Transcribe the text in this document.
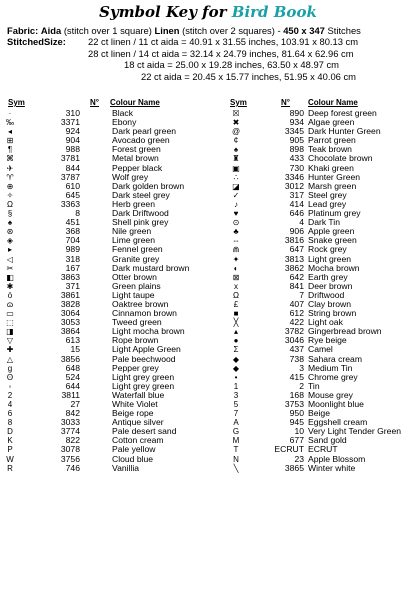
Symbol Key for Bird Book
Fabric: Aida (stitch over 1 square) Linen (stitch over 2 squares) - 450 x 347 Stitches
StitchedSize: 22 ct linen / 11 ct aida = 40.91 x 31.55 inches, 103.91 x 80.13 cm
28 ct linen / 14 ct aida = 32.14 x 24.79 inches, 81.64 x 62.96 cm
18 ct aida = 25.00 x 19.28 inches, 63.50 x 48.97 cm
22 ct aida = 20.45 x 15.77 inches, 51.95 x 40.06 cm
Sym	N° Colour Name	Sym	N° Colour Name
·	310	Black
‰	3371	Ebony
◂	924	Dark pearl green
⊞	904	Avocado green
¶	988	Forest green
⌘	3781	Metal brown
✈	844	Pepper black
♈	3787	Wolf grey
⊕	610	Dark golden brown
✧	645	Dark steel grey
Ω	3363	Herb green
§	8	Dark Driftwood
♠	451	Shell pink grey
⊛	368	Nile green
◈	704	Lime green
▸	989	Fennel green
◁	318	Granite grey
✂	167	Dark mustard brown
◧	3863	Otter brown
✱	371	Green plains
ö	3861	Light taupe
ɷ	3828	Oaktree brown
▭	3064	Cinnamon brown
⬚	3053	Tweed green
◨	3864	Light mocha brown
▽	613	Rope brown
✚	15	Light Apple Green
△	3856	Pale beechwood
g	648	Pepper grey
ʘ	524	Light grey green
◦	644	Light grey green
2	3811	Waterfall blue
4	27	White Violet
6	842	Beige rope
8	3033	Antique silver
D	3774	Pale desert sand
K	822	Cotton cream
P	3078	Pale yellow
W	3756	Cloud blue
R	746	Vanillia
☒	890 Deep forest green
✖	934 Algae green
@	3345 Dark Hunter Green
¢	905 Parrot green
♠	898 Teak brown
♜	433 Chocolate brown
▣	730 Khaki green
∴	3346 Hunter Green
◪	3012 Marsh green
✓	317 Steel grey
♪	414 Lead grey
♥	646 Platinum grey
⊙	4 Dark Tin
♣	906 Apple green
⇔	3816 Snake green
⋒	647 Rock grey
✦	3813 Light green
◐	3862 Mocha brown
⊠	642 Earth grey
x	841 Deer brown
Ω	7 Driftwood
£	407 Clay brown
■	612 String brown
╳	422 Light oak
▴	3782 Gingerbread brown
●	3046 Rye beige
Σ	437 Camel
◆	738 Sahara cream
◆	3 Medium Tin
•	415 Chrome grey
1	2 Tin
3	168 Mouse grey
5	3753 Moonlight blue
7	950 Beige
A	945 Eggshell cream
G	10 Very Light Tender Green
M	677 Sand gold
T	ECRUT ECRUT
N	23 Apple Blossom
╲	3865 Winter white
